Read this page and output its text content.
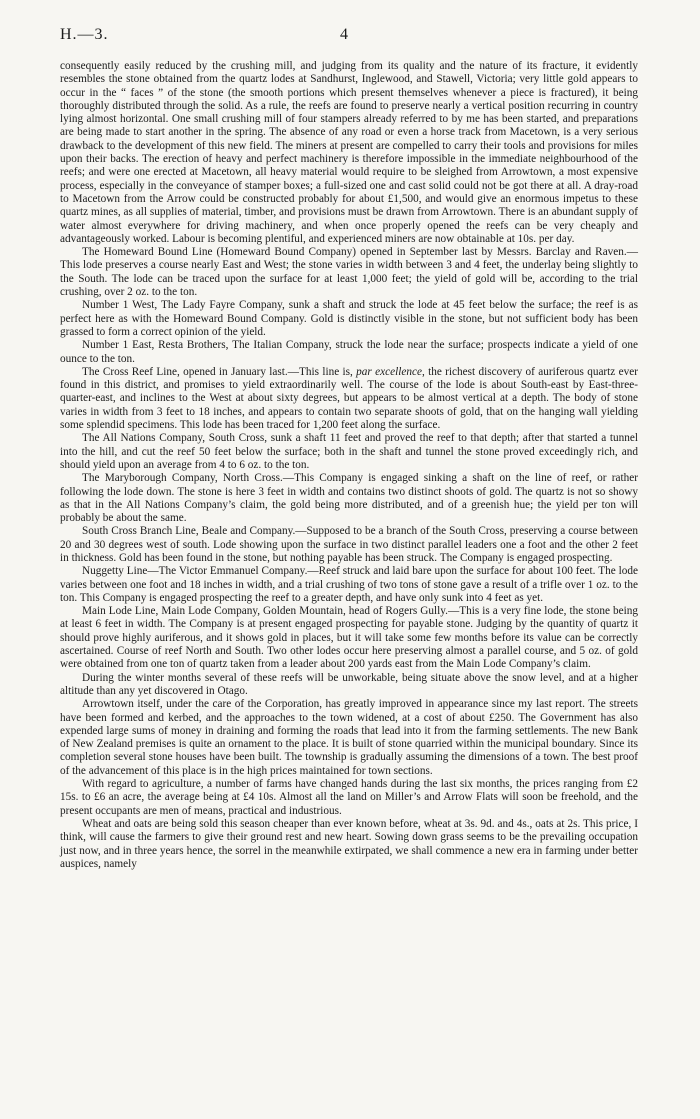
H.—3.	4

consequently easily reduced by the crushing mill, and judging from its quality and the nature of its fracture, it evidently resembles the stone obtained from the quartz lodes at Sandhurst, Inglewood, and Stawell, Victoria; very little gold appears to occur in the “ faces ” of the stone (the smooth portions which present themselves whenever a piece is fractured), it being thoroughly distributed through the solid. As a rule, the reefs are found to preserve nearly a vertical position recurring in country lying almost horizontal. One small crushing mill of four stampers already referred to by me has been started, and preparations are being made to start another in the spring. The absence of any road or even a horse track from Macetown, is a very serious drawback to the development of this new field. The miners at present are compelled to carry their tools and provisions for miles upon their backs. The erection of heavy and perfect machinery is therefore impossible in the immediate neighbourhood of the reefs; and were one erected at Macetown, all heavy material would require to be sleighed from Arrowtown, a most expensive process, especially in the conveyance of stamper boxes; a full-sized one and cast solid could not be got there at all. A dray-road to Macetown from the Arrow could be constructed probably for about £1,500, and would give an enormous impetus to these quartz mines, as all supplies of material, timber, and provisions must be drawn from Arrowtown. There is an abundant supply of water almost everywhere for driving machinery, and when once properly opened the reefs can be very cheaply and advantageously worked. Labour is becoming plentiful, and experienced miners are now obtainable at 10s. per day.

The Homeward Bound Line (Homeward Bound Company) opened in September last by Messrs. Barclay and Raven.—This lode preserves a course nearly East and West; the stone varies in width between 3 and 4 feet, the underlay being slightly to the South. The lode can be traced upon the surface for at least 1,000 feet; the yield of gold will be, according to the trial crushing, over 2 oz. to the ton.

Number 1 West, The Lady Fayre Company, sunk a shaft and struck the lode at 45 feet below the surface; the reef is as perfect here as with the Homeward Bound Company. Gold is distinctly visible in the stone, but not sufficient body has been grassed to form a correct opinion of the yield.

Number 1 East, Resta Brothers, The Italian Company, struck the lode near the surface; prospects indicate a yield of one ounce to the ton.

The Cross Reef Line, opened in January last.—This line is, par excellence, the richest discovery of auriferous quartz ever found in this district, and promises to yield extraordinarily well. The course of the lode is about South-east by East-three-quarter-east, and inclines to the West at about sixty degrees, but appears to be almost vertical at a depth. The body of stone varies in width from 3 feet to 18 inches, and appears to contain two separate shoots of gold, that on the hanging wall yielding some splendid specimens. This lode has been traced for 1,200 feet along the surface.

The All Nations Company, South Cross, sunk a shaft 11 feet and proved the reef to that depth; after that started a tunnel into the hill, and cut the reef 50 feet below the surface; both in the shaft and tunnel the stone proved exceedingly rich, and should yield upon an average from 4 to 6 oz. to the ton.

The Maryborough Company, North Cross.—This Company is engaged sinking a shaft on the line of reef, or rather following the lode down. The stone is here 3 feet in width and contains two distinct shoots of gold. The quartz is not so showy as that in the All Nations Company’s claim, the gold being more distributed, and of a greenish hue; the yield per ton will probably be about the same.

South Cross Branch Line, Beale and Company.—Supposed to be a branch of the South Cross, preserving a course between 20 and 30 degrees west of south. Lode showing upon the surface in two distinct parallel leaders one a foot and the other 2 feet in thickness. Gold has been found in the stone, but nothing payable has been struck. The Company is engaged prospecting.

Nuggetty Line—The Victor Emmanuel Company.—Reef struck and laid bare upon the surface for about 100 feet. The lode varies between one foot and 18 inches in width, and a trial crushing of two tons of stone gave a result of a trifle over 1 oz. to the ton. This Company is engaged prospecting the reef to a greater depth, and have only sunk into 4 feet as yet.

Main Lode Line, Main Lode Company, Golden Mountain, head of Rogers Gully.—This is a very fine lode, the stone being at least 6 feet in width. The Company is at present engaged prospecting for payable stone. Judging by the quantity of quartz it should prove highly auriferous, and it shows gold in places, but it will take some few months before its value can be correctly ascertained. Course of reef North and South. Two other lodes occur here preserving almost a parallel course, and 5 oz. of gold were obtained from one ton of quartz taken from a leader about 200 yards east from the Main Lode Company’s claim.

During the winter months several of these reefs will be unworkable, being situate above the snow level, and at a higher altitude than any yet discovered in Otago.

Arrowtown itself, under the care of the Corporation, has greatly improved in appearance since my last report. The streets have been formed and kerbed, and the approaches to the town widened, at a cost of about £250. The Government has also expended large sums of money in draining and forming the roads that lead into it from the farming settlements. The new Bank of New Zealand premises is quite an ornament to the place. It is built of stone quarried within the municipal boundary. Since its completion several stone houses have been built. The township is gradually assuming the dimensions of a town. The best proof of the advancement of this place is in the high prices maintained for town sections.

With regard to agriculture, a number of farms have changed hands during the last six months, the prices ranging from £2 15s. to £6 an acre, the average being at £4 10s. Almost all the land on Miller’s and Arrow Flats will soon be freehold, and the present occupants are men of means, practical and industrious.

Wheat and oats are being sold this season cheaper than ever known before, wheat at 3s. 9d. and 4s., oats at 2s. This price, I think, will cause the farmers to give their ground rest and new heart. Sowing down grass seems to be the prevailing occupation just now, and in three years hence, the sorrel in the meanwhile extirpated, we shall commence a new era in farming under better auspices, namely
